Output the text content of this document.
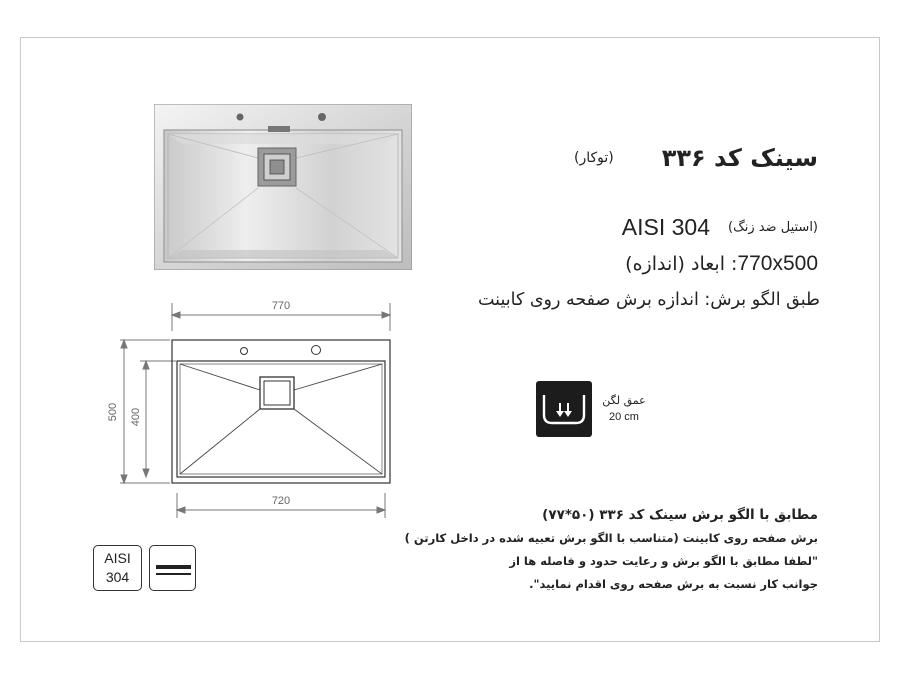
سینک کد ۳۳۶
(توکار)
(استیل ضد زنگ)
AISI 304
770x500: ابعاد (اندازه)
طبق الگو برش: اندازه برش صفحه روی کابینت
770
720
500 400
عمق لگن
20 cm
مطابق با الگو برش سینک کد ۳۳۶ (۵۰*۷۷)
برش صفحه روی کابینت (متناسب با الگو برش تعبیه شده در داخل کارتن )
"لطفا مطابق با الگو برش و رعایت حدود و فاصله ها از
جوانب کار نسبت به برش صفحه روی اقدام نمایید".
AISI
304
